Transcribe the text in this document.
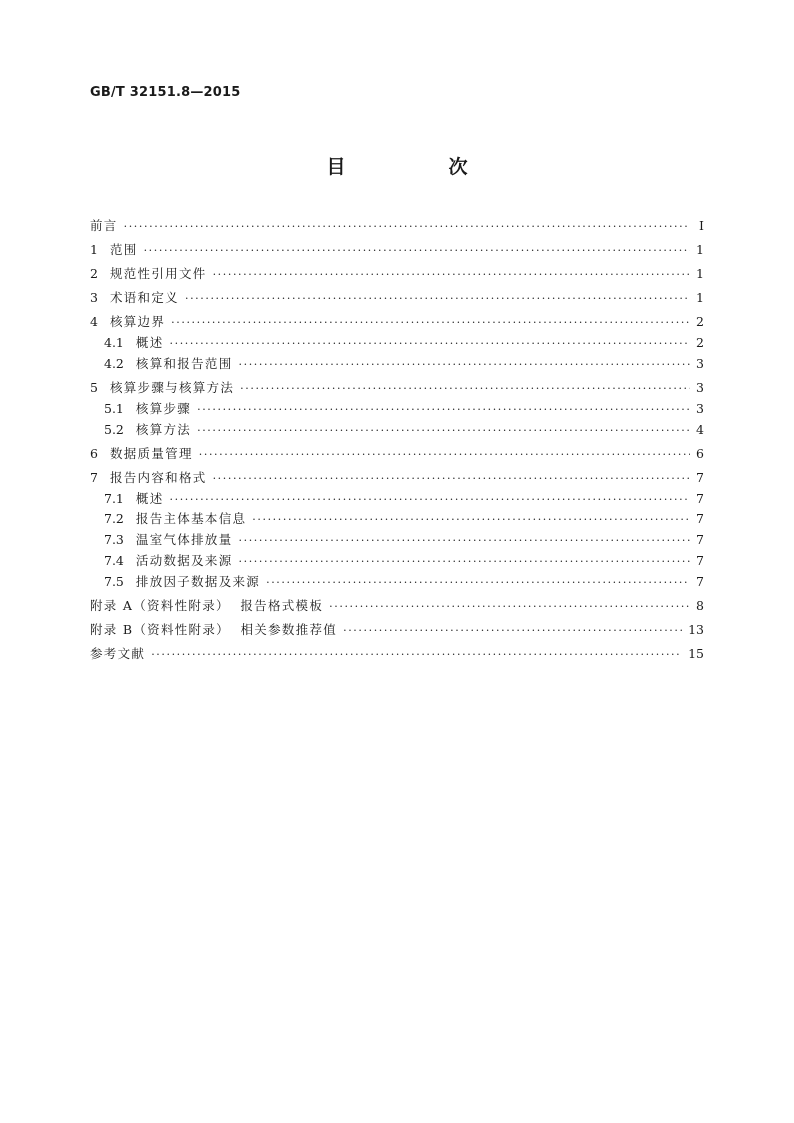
GB/T 32151.8—2015
目　次
前言 ·····	Ⅰ
1 范围 ·····	1
2 规范性引用文件 ·····	1
3 术语和定义 ·····	1
4 核算边界 ·····	2
4.1 概述 ·····	2
4.2 核算和报告范围 ·····	3
5 核算步骤与核算方法 ·····	3
5.1 核算步骤 ·····	3
5.2 核算方法 ·····	4
6 数据质量管理 ·····	6
7 报告内容和格式 ·····	7
7.1 概述 ·····	7
7.2 报告主体基本信息 ·····	7
7.3 温室气体排放量 ·····	7
7.4 活动数据及来源 ·····	7
7.5 排放因子数据及来源 ·····	7
附录 A（资料性附录）  报告格式模板 ·····	8
附录 B（资料性附录）  相关参数推荐值 ·····	13
参考文献 ·····	15
